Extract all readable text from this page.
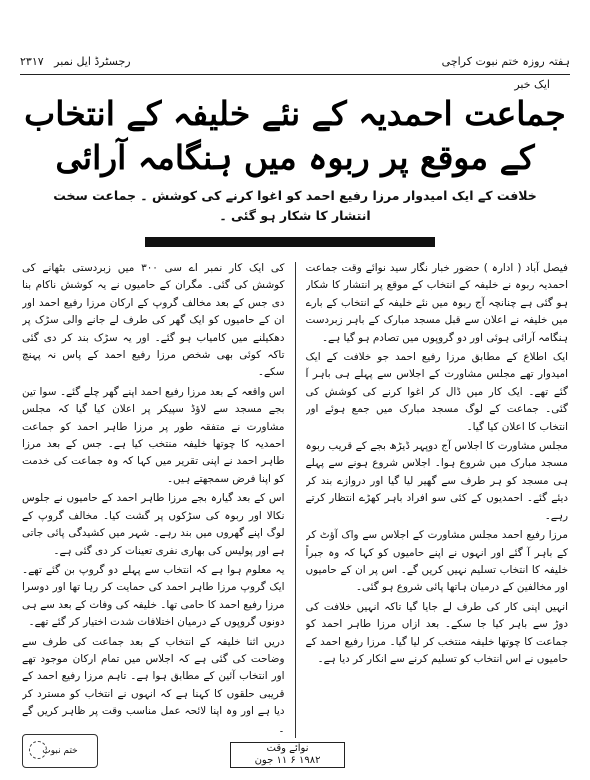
ہفتہ روزہ ختم نبوت کراچی
رجسٹرڈ ایل نمبر   ۲۳۱۷
ایک خبر
جماعت احمدیہ کے نئے خلیفہ کے انتخاب کے موقع پر ربوہ میں ہنگامہ آرائی
خلافت کے ایک امیدوار مرزا رفیع احمد کو اغوا کرنے کی کوشش ۔ جماعت سخت انتشار کا شکار ہو گئی ۔

فیصل آباد ( ادارہ ) حضور خبار نگار سید نوائے وقت جماعت احمدیہ ربوہ نے خلیفہ کے انتخاب کے موقع پر انتشار کا شکار ہو گئی ہے چنانچہ آج ربوہ میں نئے خلیفہ کے انتخاب کے بارے میں خلیفہ نے اعلان سے قبل مسجد مبارک کے باہر زبردست ہنگامہ آرائی ہوئی اور دو گروپوں میں تصادم ہو گیا ہے۔

ایک اطلاع کے مطابق مرزا رفیع احمد جو خلافت کے ایک امیدوار تھے مجلس مشاورت کے اجلاس سے پہلے ہی باہر آ گئے تھے۔ ایک کار میں ڈال کر اغوا کرنے کی کوشش کی گئی۔ جماعت کے لوگ مسجد مبارک میں جمع ہوئے اور انتخاب کا اعلان کیا گیا۔

مجلس مشاورت کا اجلاس آج دوپہر ڈیڑھ بجے کے قریب ربوہ مسجد مبارک میں شروع ہوا۔ اجلاس شروع ہونے سے پہلے ہی مسجد کو ہر طرف سے گھیر لیا گیا اور دروازے بند کر دیئے گئے۔ احمدیوں کے کئی سو افراد باہر کھڑے انتظار کرتے رہے۔

مرزا رفیع احمد مجلس مشاورت کے اجلاس سے واک آؤٹ کر کے باہر آ گئے اور انہوں نے اپنے حامیوں کو کہا کہ وہ جبراً خلیفہ کا انتخاب تسلیم نہیں کریں گے۔ اس پر ان کے حامیوں اور مخالفین کے درمیان ہاتھا پائی شروع ہو گئی۔

انہیں اپنی کار کی طرف لے جایا گیا تاکہ انہیں خلافت کی دوڑ سے باہر کیا جا سکے۔ بعد ازاں مرزا طاہر احمد کو جماعت کا چوتھا خلیفہ منتخب کر لیا گیا۔ مرزا رفیع احمد کے حامیوں نے اس انتخاب کو تسلیم کرنے سے انکار کر دیا ہے۔

کی ایک کار نمبر اے سی ۳۰۰ میں زبردستی بٹھانے کی کوشش کی گئی۔ مگران کے حامیوں نے یہ کوشش ناکام بنا دی جس کے بعد مخالف گروپ کے ارکان مرزا رفیع احمد اور ان کے حامیوں کو ایک گھر کی طرف لے جانے والی سڑک پر دھکیلنے میں کامیاب ہو گئے۔ اور یہ سڑک بند کر دی گئی تاکہ کوئی بھی شخص مرزا رفیع احمد کے پاس نہ پہنچ سکے۔

اس واقعہ کے بعد مرزا رفیع احمد اپنے گھر چلے گئے۔ سوا تین بجے مسجد سے لاؤڈ سپیکر پر اعلان کیا گیا کہ مجلس مشاورت نے متفقہ طور پر مرزا طاہر احمد کو جماعت احمدیہ کا چوتھا خلیفہ منتخب کیا ہے۔ جس کے بعد مرزا طاہر احمد نے اپنی تقریر میں کہا کہ وہ جماعت کی خدمت کو اپنا فرض سمجھتے ہیں۔

اس کے بعد گیارہ بجے مرزا طاہر احمد کے حامیوں نے جلوس نکالا اور ربوہ کی سڑکوں پر گشت کیا۔ مخالف گروپ کے لوگ اپنے گھروں میں بند رہے۔ شہر میں کشیدگی پائی جاتی ہے اور پولیس کی بھاری نفری تعینات کر دی گئی ہے۔

یہ معلوم ہوا ہے کہ انتخاب سے پہلے دو گروپ بن گئے تھے۔ ایک گروپ مرزا طاہر احمد کی حمایت کر رہا تھا اور دوسرا مرزا رفیع احمد کا حامی تھا۔ خلیفہ کی وفات کے بعد سے ہی دونوں گروپوں کے درمیان اختلافات شدت اختیار کر گئے تھے۔

دریں اثنا خلیفہ کے انتخاب کے بعد جماعت کی طرف سے وضاحت کی گئی ہے کہ اجلاس میں تمام ارکان موجود تھے اور انتخاب آئین کے مطابق ہوا ہے۔ تاہم مرزا رفیع احمد کے قریبی حلقوں کا کہنا ہے کہ انہوں نے انتخاب کو مسترد کر دیا ہے اور وہ اپنا لائحہ عمل مناسب وقت پر ظاہر کریں گے ۔

نوائے وقت
۱۹۸۲ ۶ ۱۱ جون
ختم نبوت
